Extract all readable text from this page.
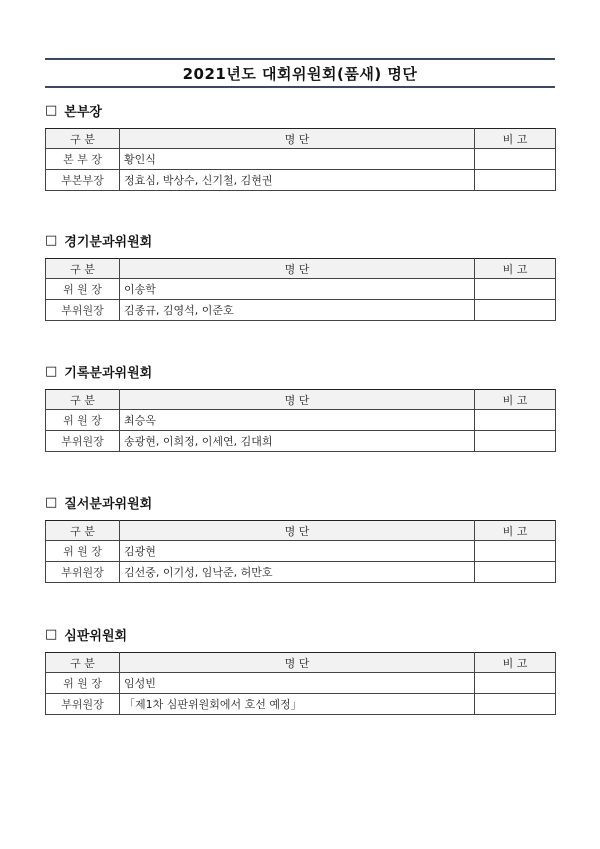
2021년도 대회위원회(품새) 명단
□ 본부장
구 분	명 단	비 고
본 부 장	황인식	
부본부장	정효심, 박상수, 신기철, 김현권	
□ 경기분과위원회
구 분	명 단	비 고
위 원 장	이송학	
부위원장	김종규, 김영석, 이준호	
□ 기록분과위원회
구 분	명 단	비 고
위 원 장	최승옥	
부위원장	송광현, 이희정, 이세연, 김대희	
□ 질서분과위원회
구 분	명 단	비 고
위 원 장	김광현	
부위원장	김선중, 이기성, 임낙준, 허만호	
□ 심판위원회
구 분	명 단	비 고
위 원 장	임성빈	
부위원장	「제1차 심판위원회에서 호선 예정」	
